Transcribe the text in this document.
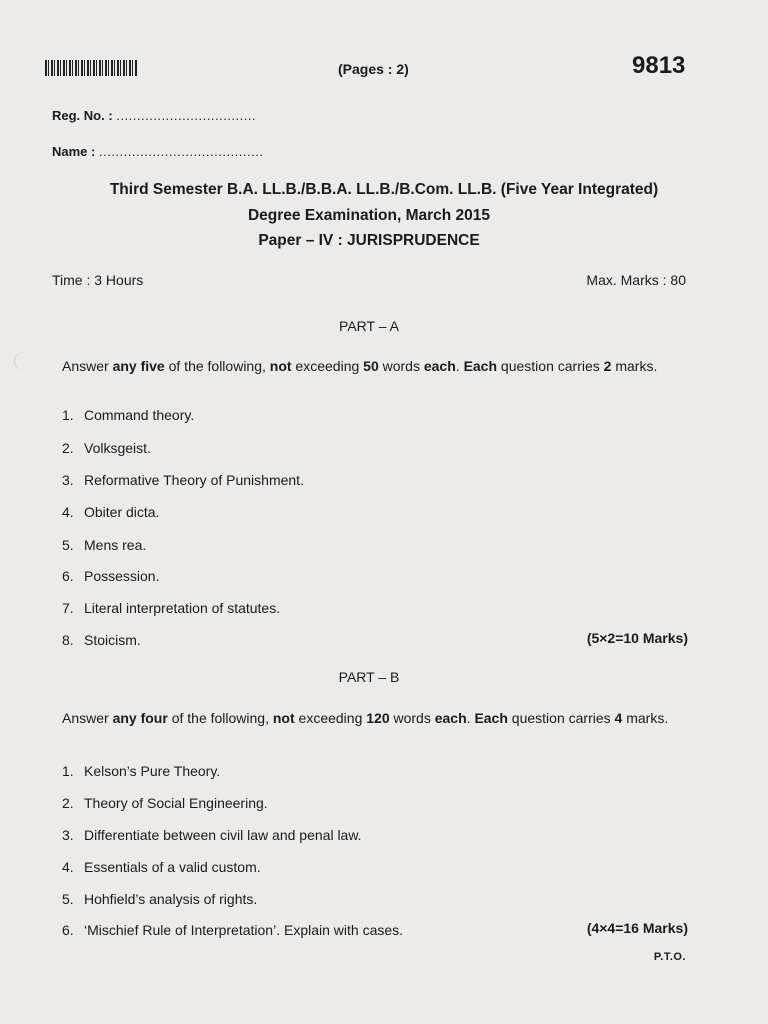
(Pages : 2)	9813
Reg. No. : ..................................
Name : ........................................
Third Semester B.A. LL.B./B.B.A. LL.B./B.Com. LL.B. (Five Year Integrated)
Degree Examination, March 2015
Paper – IV : JURISPRUDENCE
Time : 3 Hours	Max. Marks : 80
PART – A
Answer any five of the following, not exceeding 50 words each. Each question carries 2 marks.
1. Command theory.
2. Volksgeist.
3. Reformative Theory of Punishment.
4. Obiter dicta.
5. Mens rea.
6. Possession.
7. Literal interpretation of statutes.
8. Stoicism.	(5×2=10 Marks)
PART – B
Answer any four of the following, not exceeding 120 words each. Each question carries 4 marks.
1. Kelson’s Pure Theory.
2. Theory of Social Engineering.
3. Differentiate between civil law and penal law.
4. Essentials of a valid custom.
5. Hohfield’s analysis of rights.
6. ‘Mischief Rule of Interpretation’. Explain with cases.	(4×4=16 Marks)
P.T.O.
